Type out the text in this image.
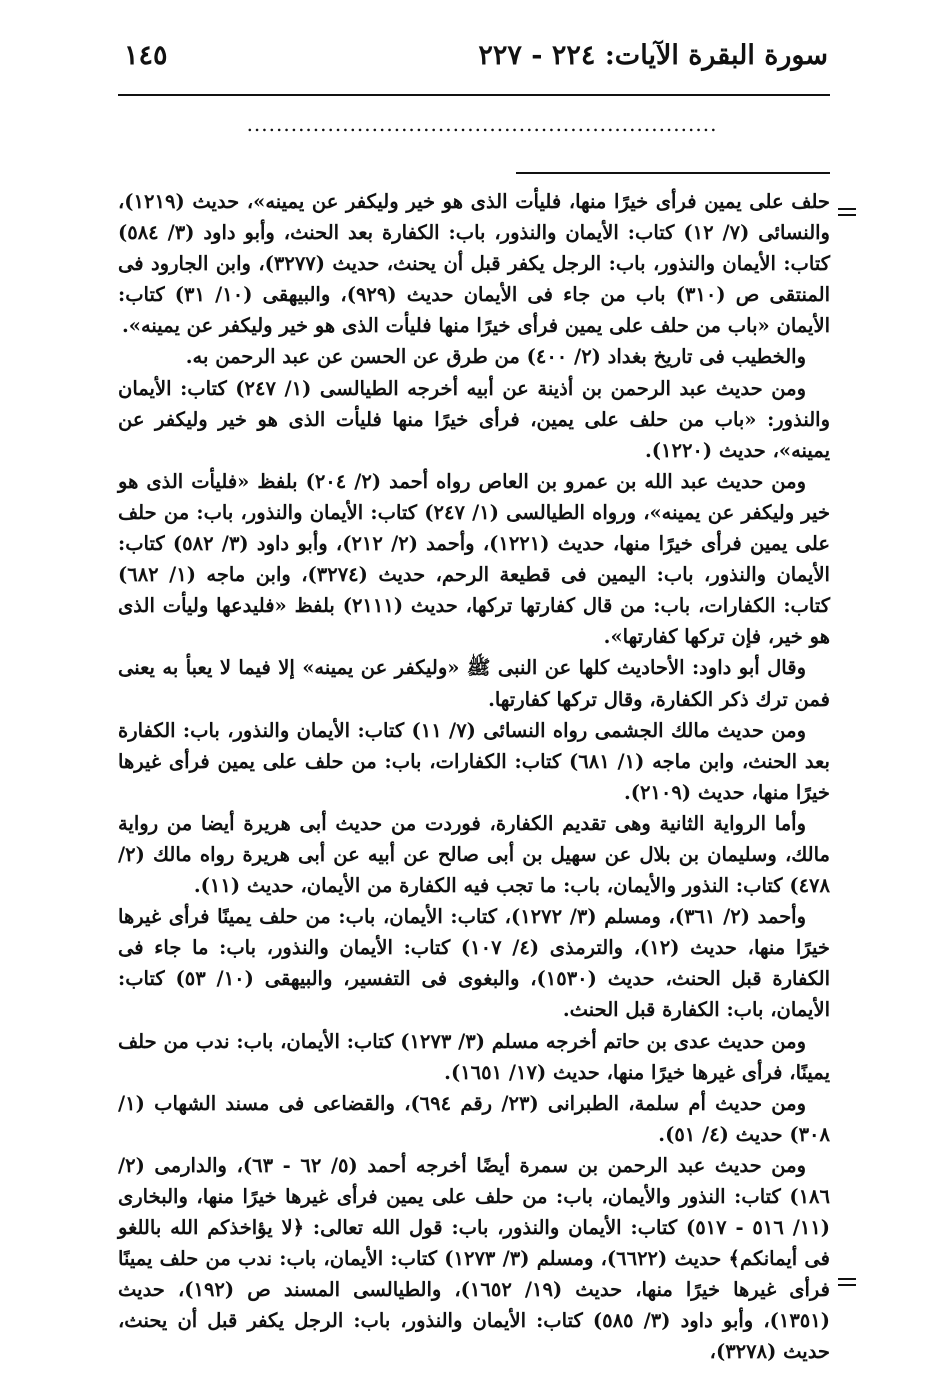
١٤٥	سورة البقرة الآيات: ٢٢٤ - ٢٢٧
................................................................

حلف على يمين فرأى خيرًا منها، فليأت الذى هو خير وليكفر عن يمينه»، حديث (١٢١٩)، والنسائى (٧/ ١٢) كتاب: الأيمان والنذور، باب: الكفارة بعد الحنث، وأبو داود (٣/ ٥٨٤) كتاب: الأيمان والنذور، باب: الرجل يكفر قبل أن يحنث، حديث (٣٢٧٧)، وابن الجارود فى المنتقى ص (٣١٠) باب من جاء فى الأيمان حديث (٩٢٩)، والبيهقى (١٠/ ٣١) كتاب: الأيمان «باب من حلف على يمين فرأى خيرًا منها فليأت الذى هو خير وليكفر عن يمينه».

والخطيب فى تاريخ بغداد (٢/ ٤٠٠) من طرق عن الحسن عن عبد الرحمن به.

ومن حديث عبد الرحمن بن أذينة عن أبيه أخرجه الطيالسى (١/ ٢٤٧) كتاب: الأيمان والنذور: «باب من حلف على يمين، فرأى خيرًا منها فليأت الذى هو خير وليكفر عن يمينه»، حديث (١٢٢٠).

ومن حديث عبد الله بن عمرو بن العاص رواه أحمد (٢/ ٢٠٤) بلفظ «فليأت الذى هو خير وليكفر عن يمينه»، ورواه الطيالسى (١/ ٢٤٧) كتاب: الأيمان والنذور، باب: من حلف على يمين فرأى خيرًا منها، حديث (١٢٢١)، وأحمد (٢/ ٢١٢)، وأبو داود (٣/ ٥٨٢) كتاب: الأيمان والنذور، باب: اليمين فى قطيعة الرحم، حديث (٣٢٧٤)، وابن ماجه (١/ ٦٨٢) كتاب: الكفارات، باب: من قال كفارتها تركها، حديث (٢١١١) بلفظ «فليدعها وليأت الذى هو خير، فإن تركها كفارتها».

وقال أبو داود: الأحاديث كلها عن النبى ﷺ «وليكفر عن يمينه» إلا فيما لا يعبأ به يعنى فمن ترك ذكر الكفارة، وقال تركها كفارتها.

ومن حديث مالك الجشمى رواه النسائى (٧/ ١١) كتاب: الأيمان والنذور، باب: الكفارة بعد الحنث، وابن ماجه (١/ ٦٨١) كتاب: الكفارات، باب: من حلف على يمين فرأى غيرها خيرًا منها، حديث (٢١٠٩).

وأما الرواية الثانية وهى تقديم الكفارة، فوردت من حديث أبى هريرة أيضا من رواية مالك، وسليمان بن بلال عن سهيل بن أبى صالح عن أبيه عن أبى هريرة رواه مالك (٢/ ٤٧٨) كتاب: النذور والأيمان، باب: ما تجب فيه الكفارة من الأيمان، حديث (١١).

وأحمد (٢/ ٣٦١)، ومسلم (٣/ ١٢٧٢)، كتاب: الأيمان، باب: من حلف يمينًا فرأى غيرها خيرًا منها، حديث (١٢)، والترمذى (٤/ ١٠٧) كتاب: الأيمان والنذور، باب: ما جاء فى الكفارة قبل الحنث، حديث (١٥٣٠)، والبغوى فى التفسير، والبيهقى (١٠/ ٥٣) كتاب: الأيمان، باب: الكفارة قبل الحنث.

ومن حديث عدى بن حاتم أخرجه مسلم (٣/ ١٢٧٣) كتاب: الأيمان، باب: ندب من حلف يمينًا، فرأى غيرها خيرًا منها، حديث (١٧/ ١٦٥١).

ومن حديث أم سلمة، الطبرانى (٢٣/ رقم ٦٩٤)، والقضاعى فى مسند الشهاب (١/ ٣٠٨) حديث (٤/ ٥١).

ومن حديث عبد الرحمن بن سمرة أيضًا أخرجه أحمد (٥/ ٦٢ - ٦٣)، والدارمى (٢/ ١٨٦) كتاب: النذور والأيمان، باب: من حلف على يمين فرأى غيرها خيرًا منها، والبخارى (١١/ ٥١٦ - ٥١٧) كتاب: الأيمان والنذور، باب: قول الله تعالى: ﴿لا يؤاخذكم الله باللغو فى أيمانكم﴾ حديث (٦٦٢٢)، ومسلم (٣/ ١٢٧٣) كتاب: الأيمان، باب: ندب من حلف يمينًا فرأى غيرها خيرًا منها، حديث (١٩/ ١٦٥٢)، والطيالسى المسند ص (١٩٢)، حديث (١٣٥١)، وأبو داود (٣/ ٥٨٥) كتاب: الأيمان والنذور، باب: الرجل يكفر قبل أن يحنث، حديث (٣٢٧٨)،
